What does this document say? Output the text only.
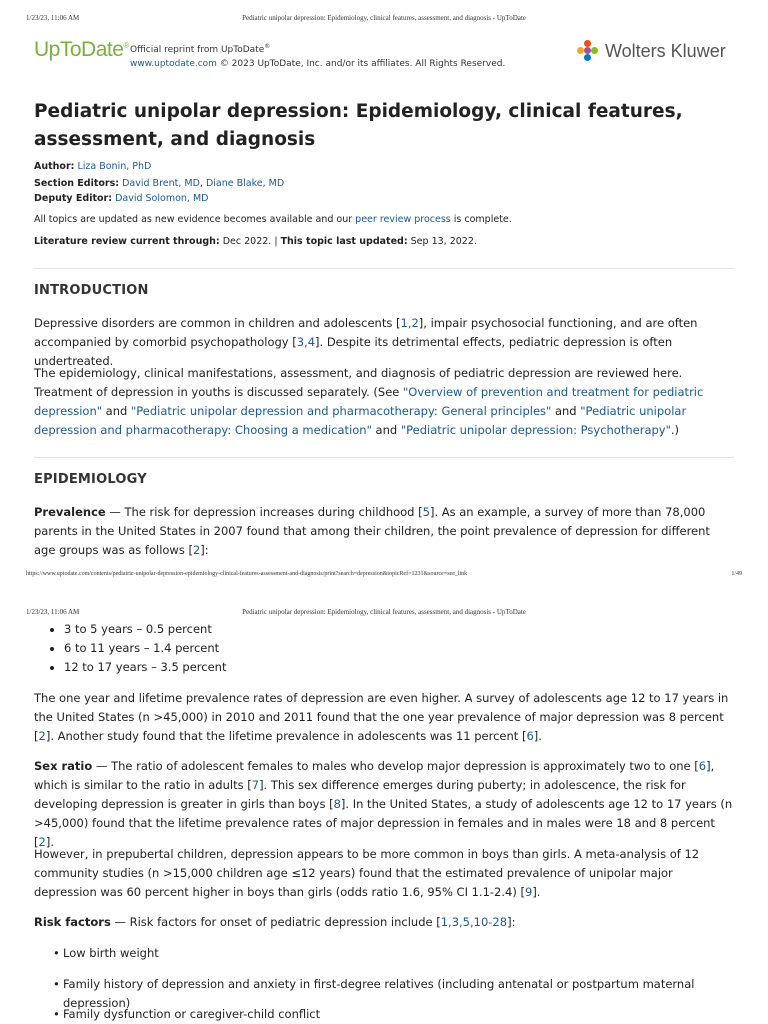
1/23/23, 11:06 AM	Pediatric unipolar depression: Epidemiology, clinical features, assessment, and diagnosis - UpToDate
UpToDate® Official reprint from UpToDate®
www.uptodate.com © 2023 UpToDate, Inc. and/or its affiliates. All Rights Reserved.
Wolters Kluwer
Pediatric unipolar depression: Epidemiology, clinical features, assessment, and diagnosis
Author: Liza Bonin, PhD
Section Editors: David Brent, MD, Diane Blake, MD
Deputy Editor: David Solomon, MD
All topics are updated as new evidence becomes available and our peer review process is complete.
Literature review current through: Dec 2022. | This topic last updated: Sep 13, 2022.
INTRODUCTION
Depressive disorders are common in children and adolescents [1,2], impair psychosocial functioning, and are often accompanied by comorbid psychopathology [3,4]. Despite its detrimental effects, pediatric depression is often undertreated.
The epidemiology, clinical manifestations, assessment, and diagnosis of pediatric depression are reviewed here. Treatment of depression in youths is discussed separately. (See "Overview of prevention and treatment for pediatric depression" and "Pediatric unipolar depression and pharmacotherapy: General principles" and "Pediatric unipolar depression and pharmacotherapy: Choosing a medication" and "Pediatric unipolar depression: Psychotherapy".)
EPIDEMIOLOGY
Prevalence — The risk for depression increases during childhood [5]. As an example, a survey of more than 78,000 parents in the United States in 2007 found that among their children, the point prevalence of depression for different age groups was as follows [2]:
https://www.uptodate.com/contents/pediatric-unipolar-depression-epidemiology-clinical-features-assessment-and-diagnosis/print?search=depression&topicRef=1231&source=see_link	1/49
1/23/23, 11:06 AM	Pediatric unipolar depression: Epidemiology, clinical features, assessment, and diagnosis - UpToDate
• 3 to 5 years – 0.5 percent
• 6 to 11 years – 1.4 percent
• 12 to 17 years – 3.5 percent
The one year and lifetime prevalence rates of depression are even higher. A survey of adolescents age 12 to 17 years in the United States (n >45,000) in 2010 and 2011 found that the one year prevalence of major depression was 8 percent [2]. Another study found that the lifetime prevalence in adolescents was 11 percent [6].
Sex ratio — The ratio of adolescent females to males who develop major depression is approximately two to one [6], which is similar to the ratio in adults [7]. This sex difference emerges during puberty; in adolescence, the risk for developing depression is greater in girls than boys [8]. In the United States, a study of adolescents age 12 to 17 years (n >45,000) found that the lifetime prevalence rates of major depression in females and in males were 18 and 8 percent [2].
However, in prepubertal children, depression appears to be more common in boys than girls. A meta-analysis of 12 community studies (n >15,000 children age ≤12 years) found that the estimated prevalence of unipolar major depression was 60 percent higher in boys than girls (odds ratio 1.6, 95% CI 1.1-2.4) [9].
Risk factors — Risk factors for onset of pediatric depression include [1,3,5,10-28]:
• Low birth weight
• Family history of depression and anxiety in first-degree relatives (including antenatal or postpartum maternal depression)
• Family dysfunction or caregiver-child conflict
